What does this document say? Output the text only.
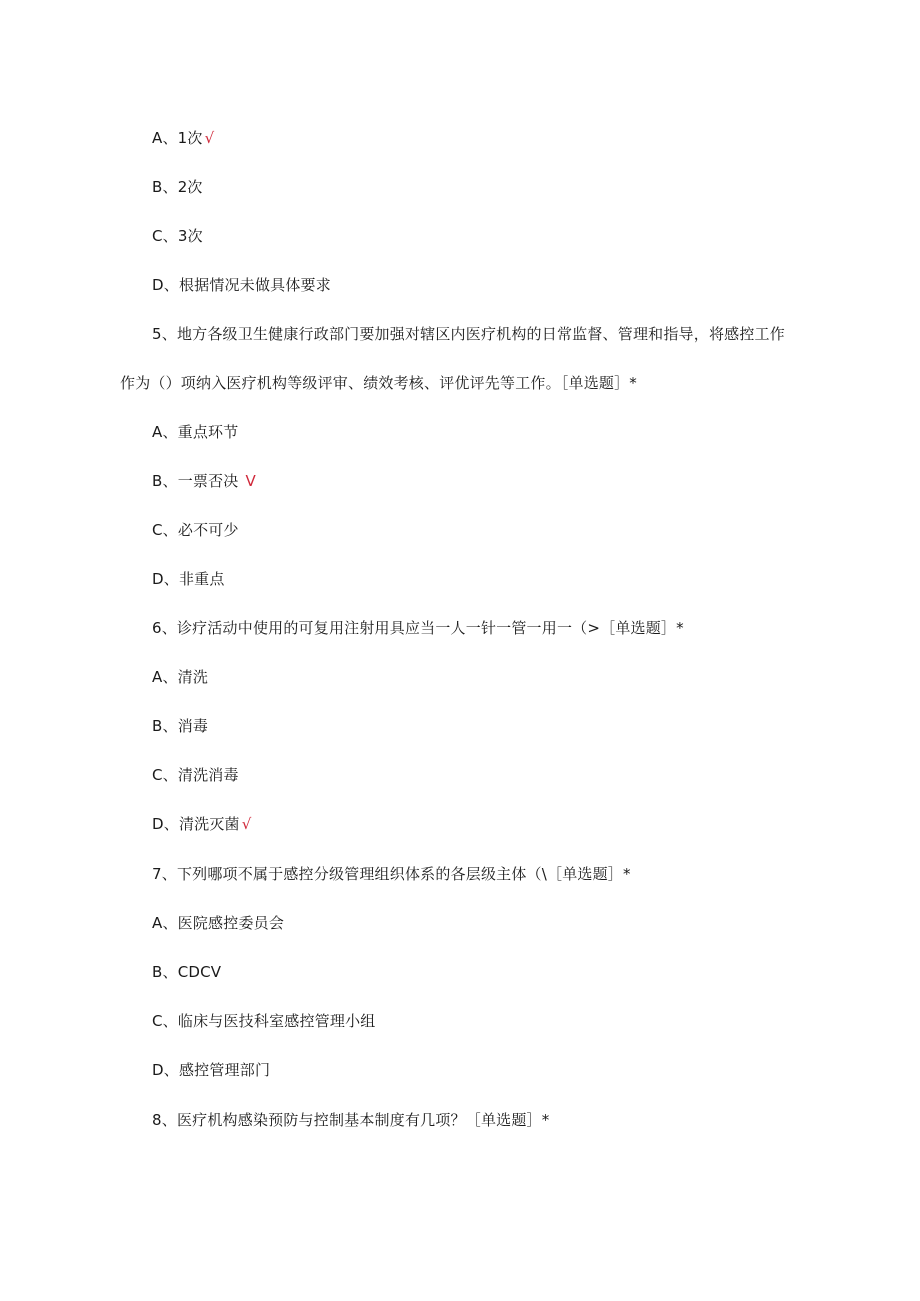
A、1次 √
B、2次
C、3次
D、根据情况未做具体要求
5、地方各级卫生健康行政部门要加强对辖区内医疗机构的日常监督、管理和指导，将感控工作
作为（）项纳入医疗机构等级评审、绩效考核、评优评先等工作。［单选题］*
A、重点环节
B、一票否决 V
C、必不可少
D、非重点
6、诊疗活动中使用的可复用注射用具应当一人一针一管一用一（>［单选题］*
A、清洗
B、消毒
C、清洗消毒
D、清洗灭菌 √
7、下列哪项不属于感控分级管理组织体系的各层级主体（\［单选题］*
A、医院感控委员会
B、CDCV
C、临床与医技科室感控管理小组
D、感控管理部门
8、医疗机构感染预防与控制基本制度有几项？［单选题］*
